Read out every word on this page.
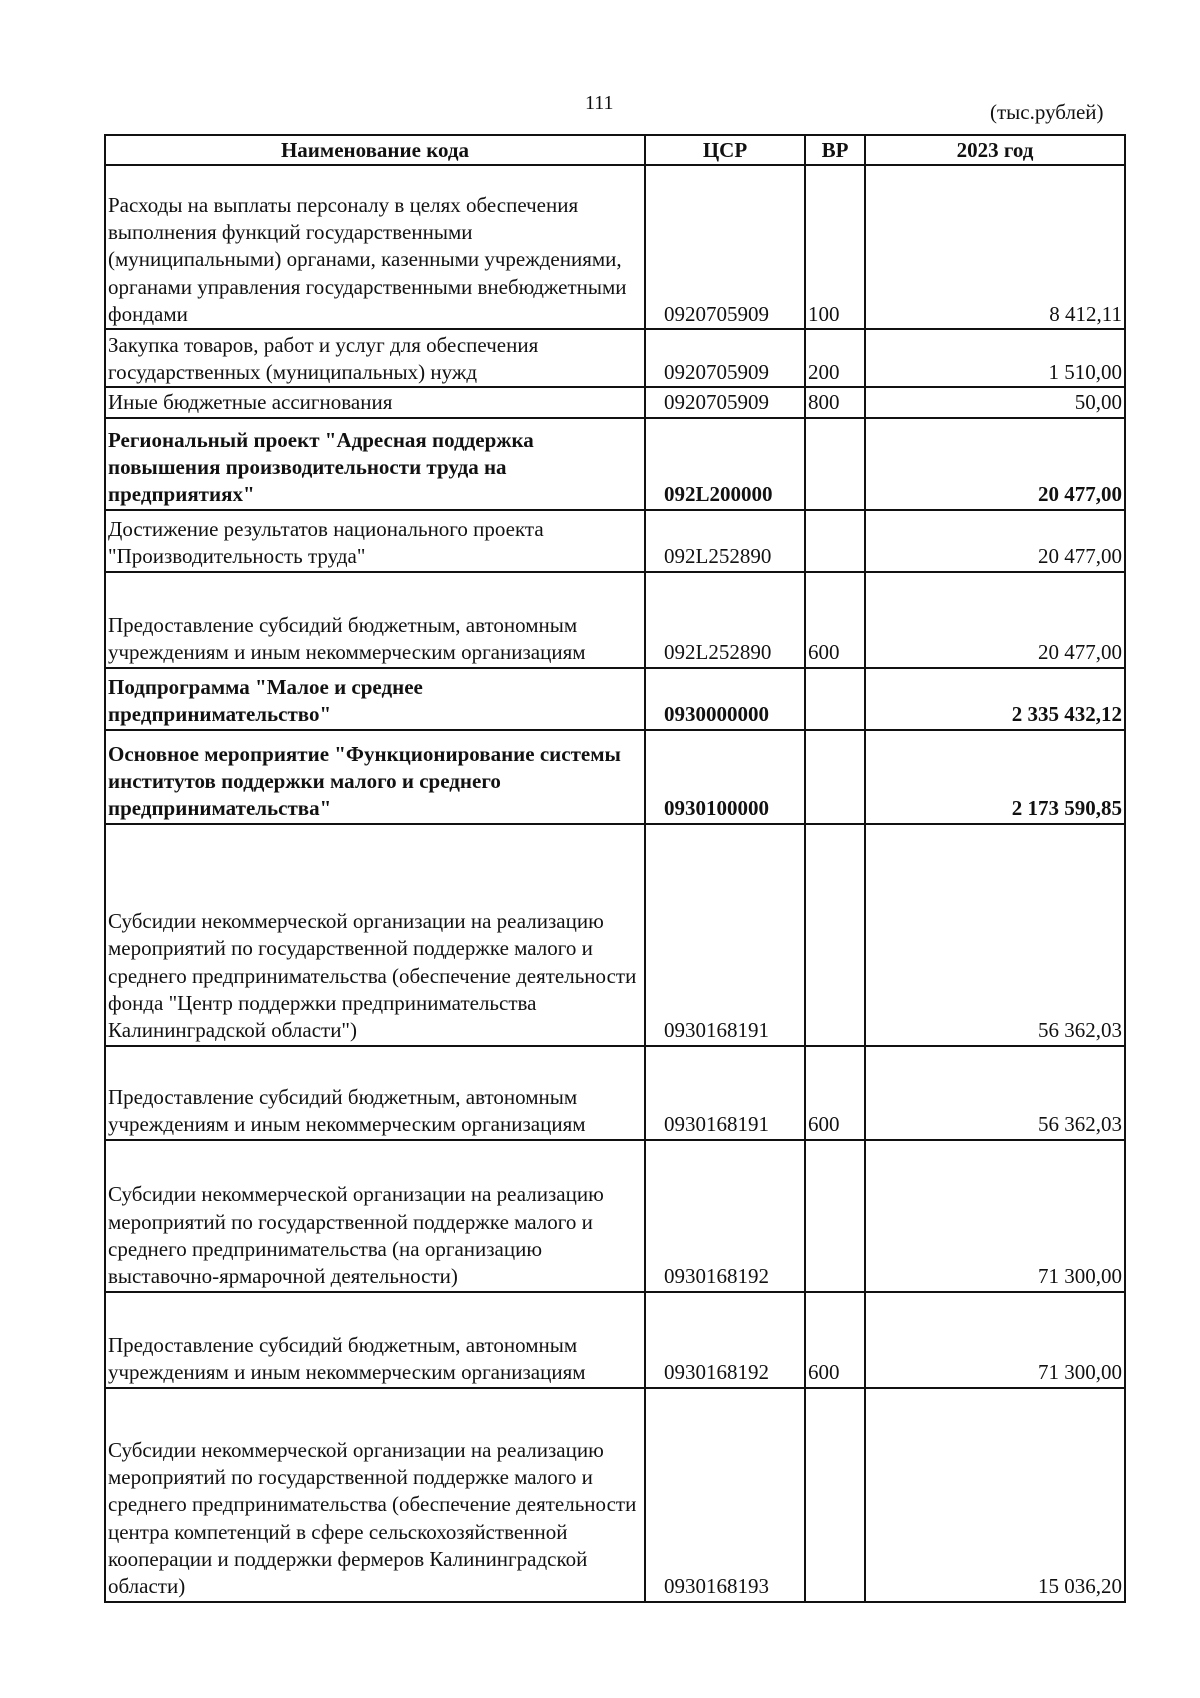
111	(тыс.рублей)
Наименование кода	ЦСР	ВР	2023 год
Расходы на выплаты персоналу в целях обеспечения выполнения функций государственными (муниципальными) органами, казенными учреждениями, органами управления государственными внебюджетными фондами	0920705909	100	8 412,11
Закупка товаров, работ и услуг для обеспечения государственных (муниципальных) нужд	0920705909	200	1 510,00
Иные бюджетные ассигнования	0920705909	800	50,00
Региональный проект "Адресная поддержка повышения производительности труда на предприятиях"	092L200000		20 477,00
Достижение результатов национального проекта "Производительность труда"	092L252890		20 477,00
Предоставление субсидий бюджетным, автономным учреждениям и иным некоммерческим организациям	092L252890	600	20 477,00
Подпрограмма "Малое и среднее предпринимательство"	0930000000		2 335 432,12
Основное мероприятие "Функционирование системы институтов поддержки малого и среднего предпринимательства"	0930100000		2 173 590,85
Субсидии некоммерческой организации на реализацию мероприятий по государственной поддержке малого и среднего предпринимательства (обеспечение деятельности фонда "Центр поддержки предпринимательства Калининградской области")	0930168191		56 362,03
Предоставление субсидий бюджетным, автономным учреждениям и иным некоммерческим организациям	0930168191	600	56 362,03
Субсидии некоммерческой организации на реализацию мероприятий по государственной поддержке малого и среднего предпринимательства (на организацию выставочно-ярмарочной деятельности)	0930168192		71 300,00
Предоставление субсидий бюджетным, автономным учреждениям и иным некоммерческим организациям	0930168192	600	71 300,00
Субсидии некоммерческой организации на реализацию мероприятий по государственной поддержке малого и среднего предпринимательства (обеспечение деятельности центра компетенций в сфере сельскохозяйственной кооперации и поддержки фермеров Калининградской области)	0930168193		15 036,20
